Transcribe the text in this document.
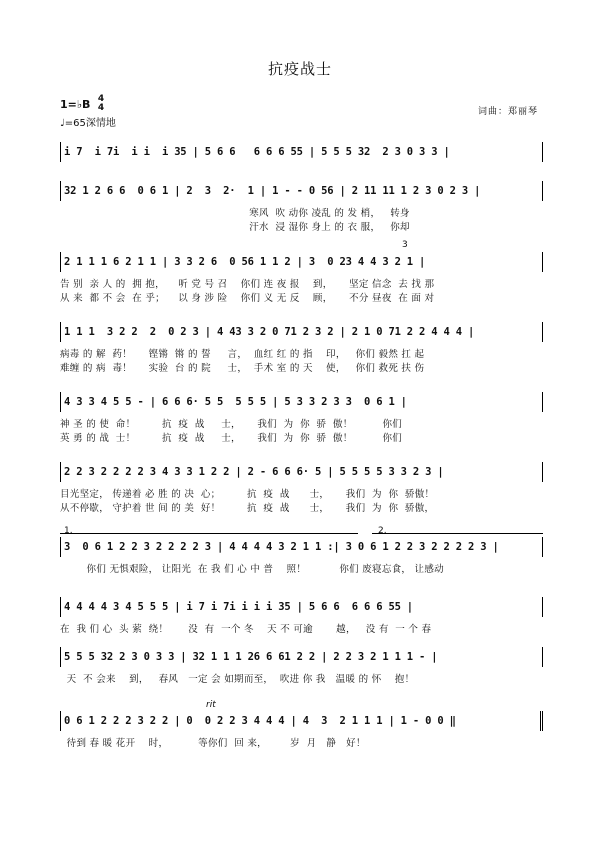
抗疫战士
1=♭B 4
4
♩=65深情地
词曲：郑丽琴
i 7  i 7i  i i  i 35 | 5 6 6   6 6 6 55 | 5 5 5 32  2 3 0 3 3 |
32 1 2 6 6  0 6 1 | 2  3  2·  1 | 1 - - 0 56 | 2 11 11 1 2 3 0 2 3 |
寒风  吹 动你 凌乱 的 发 梢，   转身
汗水  浸 湿你 身上 的 衣 服，   你却
3
2 1 1 1 6 2 1 1 | 3 3 2 6  0 56 1 1 2 | 3  0 23 4 4 3 2 1 |
告 别  亲 人 的  拥 抱，    听 党 号 召    你们 连 夜 报    到，     坚定 信念  去 找 那
从 来  都 不 会  在 乎；    以 身 涉 险    你们 义 无 反    顾，     不分 昼夜  在 面 对
1 1 1  3 2 2  2  0 2 3 | 4 43 3 2 0 71 2 3 2 | 2 1 0 71 2 2 4 4 4 |
病毒 的 解  药！     铿锵  锵 的 誓     言，  血红 红 的 指    印，   你们 毅然 扛 起
难缠 的 病  毒！     实验  台 的 院     士，  手术 室 的 天    使，   你们 救死 扶 伤
4 3 3 4 5 5 - | 6 6 6· 5 5  5 5 5 | 5 3 3 2 3 3  0 6 1 |
神 圣 的 使  命！        抗  疫  战     士，     我们  为  你  骄  傲！         你们
英 勇 的 战  士！        抗  疫  战     士，     我们  为  你  骄  傲！         你们
2 2 3 2 2 2 2 3 4 3 3 1 2 2 | 2 - 6 6 6· 5 | 5 5 5 5 3 3 2 3 |
目光坚定， 传递着 必 胜 的 决  心；        抗  疫  战      士，     我们  为  你  骄傲！
从不停歇， 守护着 世 间 的 美  好！        抗  疫  战      士，     我们  为  你  骄傲，
1.	2.
3  0 6 1 2 2 3 2 2 2 2 3 | 4 4 4 4 3 2 1 1 :| 3 0 6 1 2 2 3 2 2 2 2 3 |
你们 无惧艰险， 让阳光  在 我 们 心 中 普    照！          你们 废寝忘食， 让感动
4 4 4 4 3 4 5 5 5 | i 7 i 7i i i i 35 | 5 6 6  6 6 6 55 |
在  我 们 心  头 萦  绕！      没  有  一个 冬    天 不 可逾       越，   没 有  一 个 春
5 5 5 32 2 3 0 3 3 | 32 1 1 1 26 6 61 2 2 | 2 2 3 2 1 1 1 - |
天  不 会来    到，   春风   一定 会 如期而至，  吹进 你 我   温暖 的 怀    抱！
rit
0 6 1 2 2 2 3 2 2 | 0  0 2 2 3 4 4 4 | 4  3  2 1 1 1 | 1 - 0 0 ‖
待到 春 暖 花开    时，         等你们  回 来，       岁  月   静   好！
